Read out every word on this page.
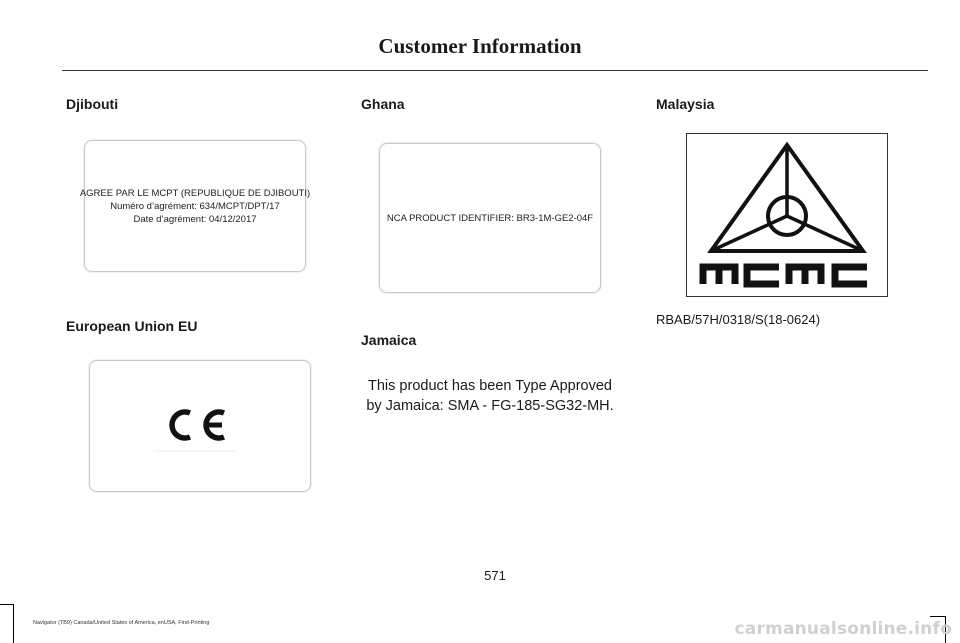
Customer Information
Djibouti
AGREE PAR LE MCPT (REPUBLIQUE DE DJIBOUTI)
Numéro d’agrément: 634/MCPT/DPT/17
Date d’agrément: 04/12/2017
European Union EU
Ghana
NCA PRODUCT IDENTIFIER: BR3-1M-GE2-04F
Jamaica
This product has been Type Approved
by Jamaica: SMA - FG-185-SG32-MH.
Malaysia
RBAB/57H/0318/S(18-0624)
571
Navigator (TB9) Canada/United States of America, enUSA, First-Printing	carmanualsonline.info
